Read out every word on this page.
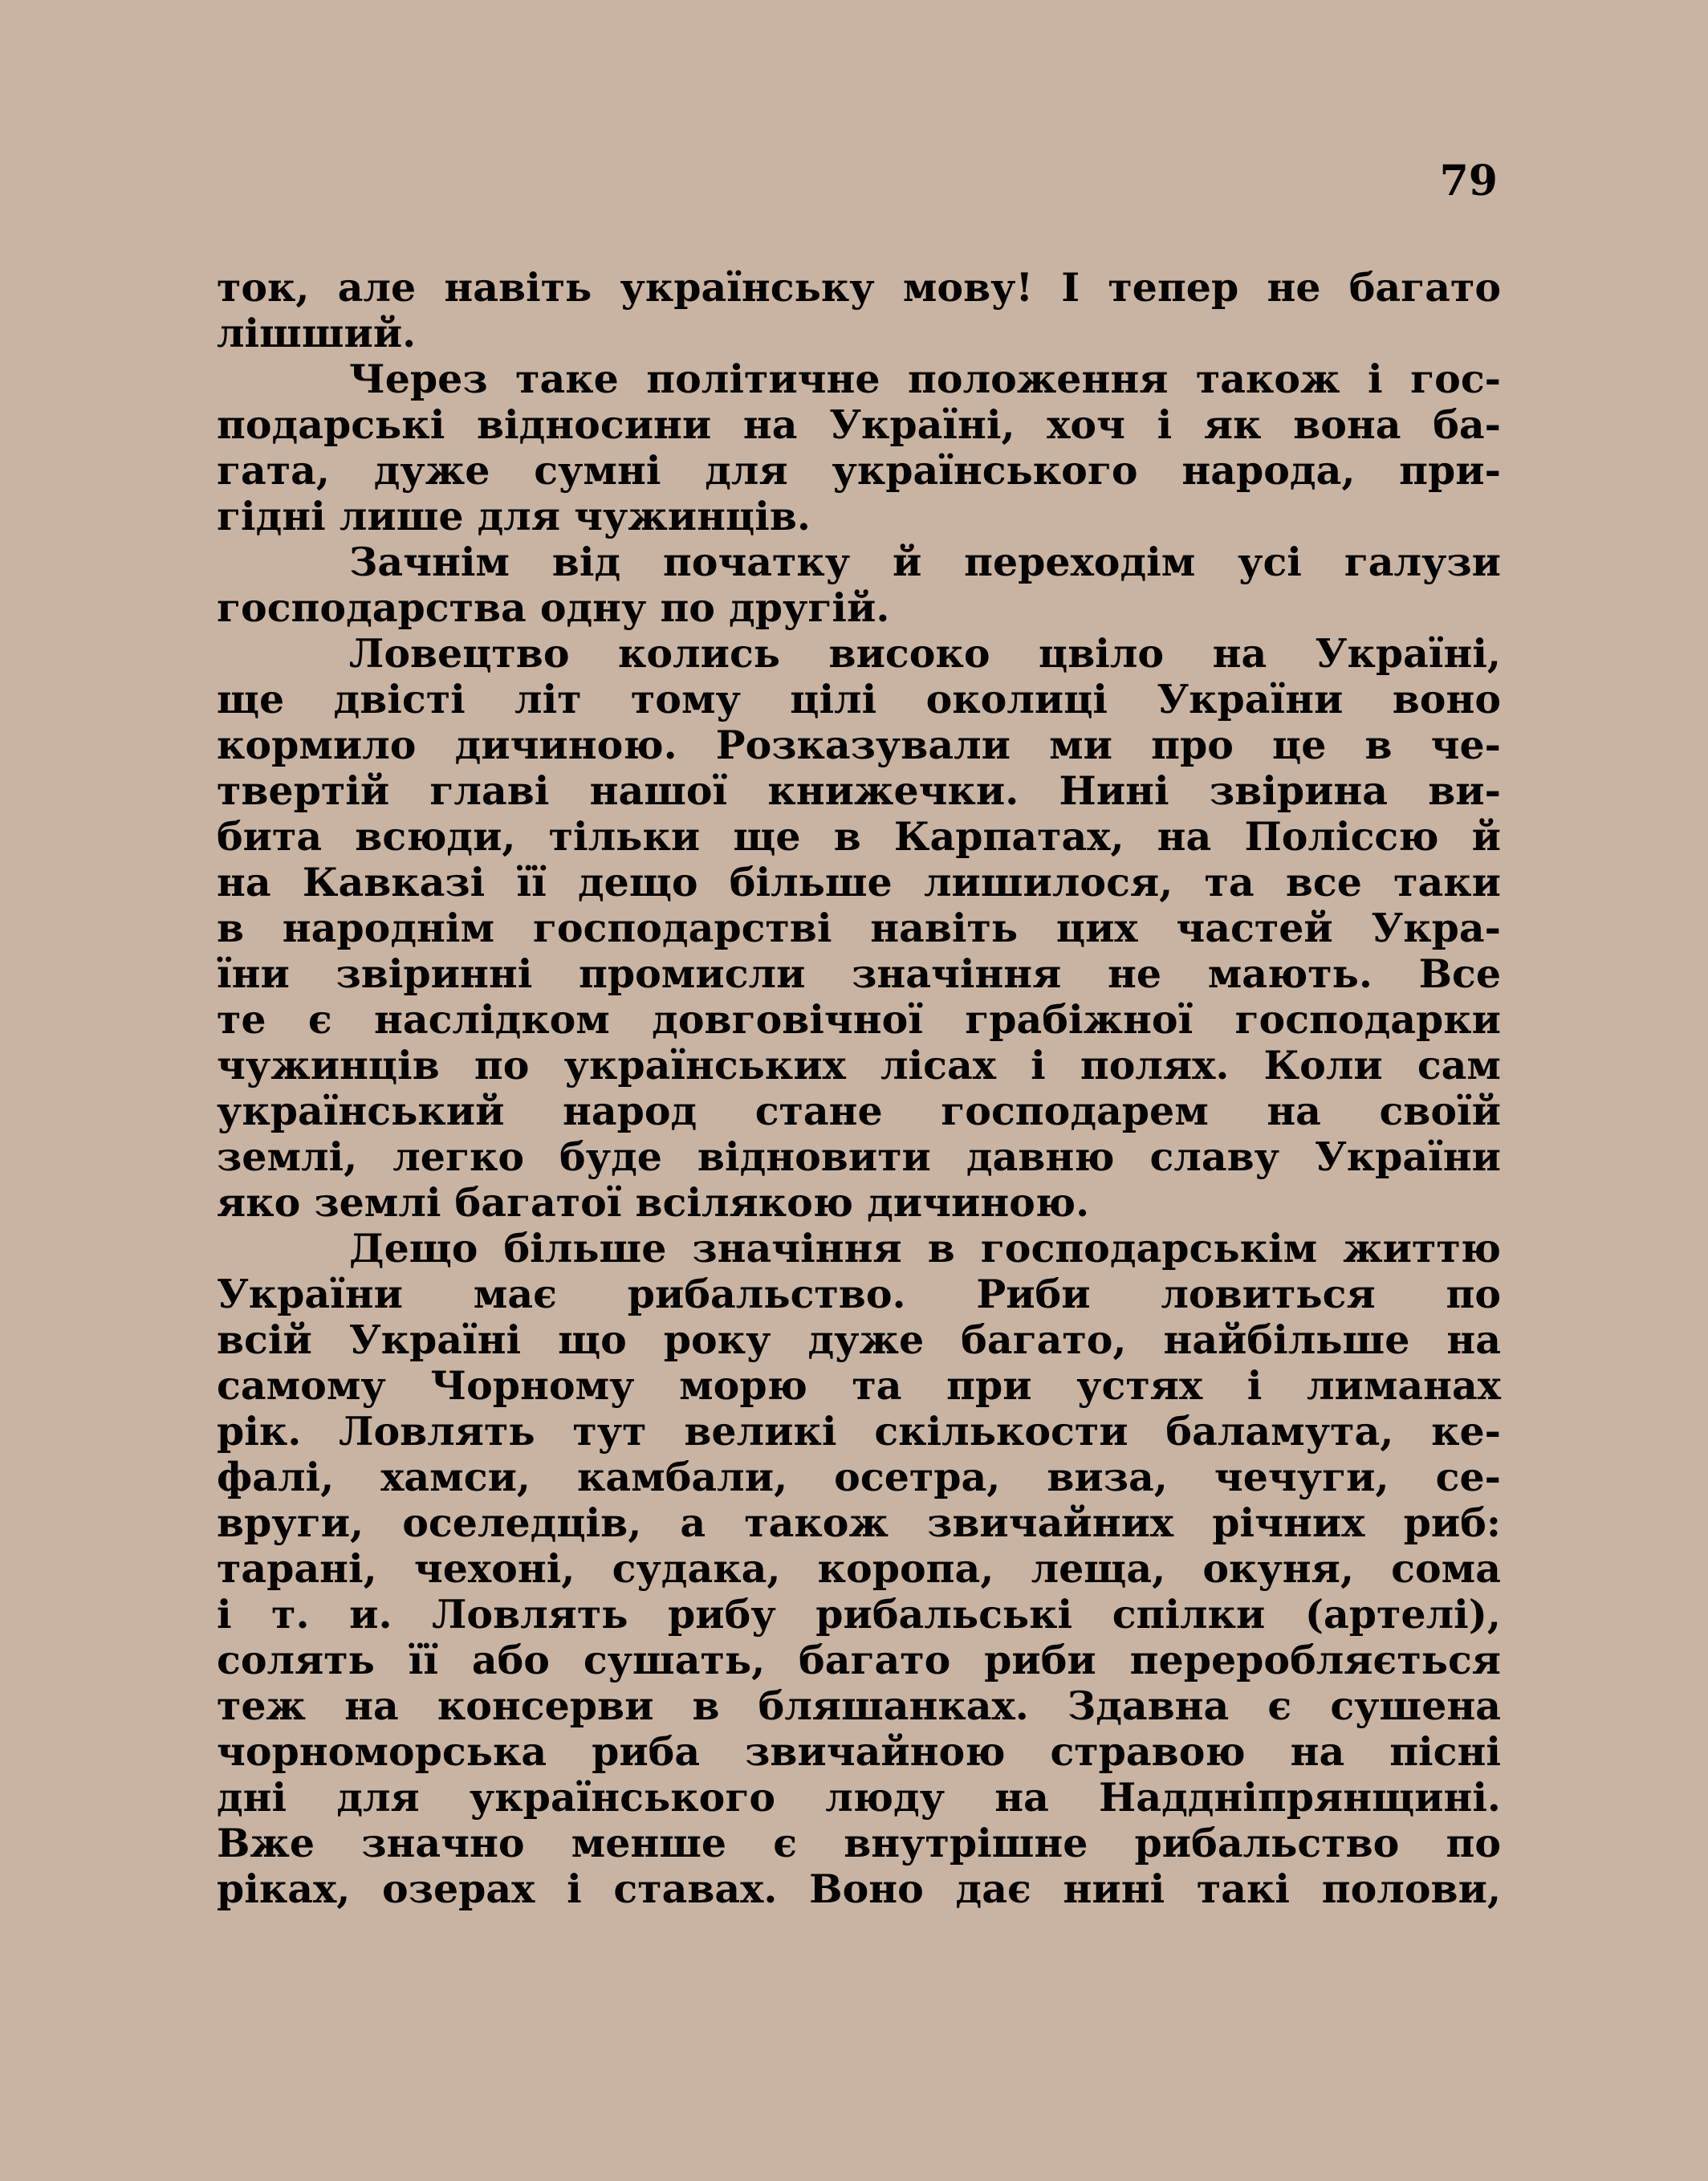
79

ток, але навіть українську мову! І тепер не багато
лішший.

Через таке політичне положення також і гос-
подарські відносини на Україні, хоч і як вона ба-
гата, дуже сумні для українського народа, при-
гідні лише для чужинців.

Зачнім від початку й переходім усі галузи
господарства одну по другій.

Ловецтво колись високо цвіло на Україні,
ще двісті літ тому цілі околиці України воно
кормило дичиною. Розказували ми про це в че-
твертій главі нашої книжечки. Нині звірина ви-
бита всюди, тільки ще в Карпатах, на Поліссю й
на Кавказі її дещо більше лишилося, та все таки
в народнім господарстві навіть цих частей Укра-
їни звіринні промисли значіння не мають. Все
те є наслідком довговічної грабіжної господарки
чужинців по українських лісах і полях. Коли сам
український народ стане господарем на своїй
землі, легко буде відновити давню славу України
яко землі багатої всілякою дичиною.

Дещо більше значіння в господарськім життю
України має рибальство. Риби ловиться по
всій Україні що року дуже багато, найбільше на
самому Чорному морю та при устях і лиманах
рік. Ловлять тут великі скількости баламута, ке-
фалі, хамси, камбали, осетра, виза, чечуги, се-
вруги, оселедців, а також звичайних річних риб:
тарані, чехоні, судака, коропа, леща, окуня, сома
і т. и. Ловлять рибу рибальські спілки (артелі),
солять її або сушать, багато риби переробляється
теж на консерви в бляшанках. Здавна є сушена
чорноморська риба звичайною стравою на пісні
дні для українського люду на Наддніпрянщині.
Вже значно менше є внутрішне рибальство по
ріках, озерах і ставах. Воно дає нині такі полови,
